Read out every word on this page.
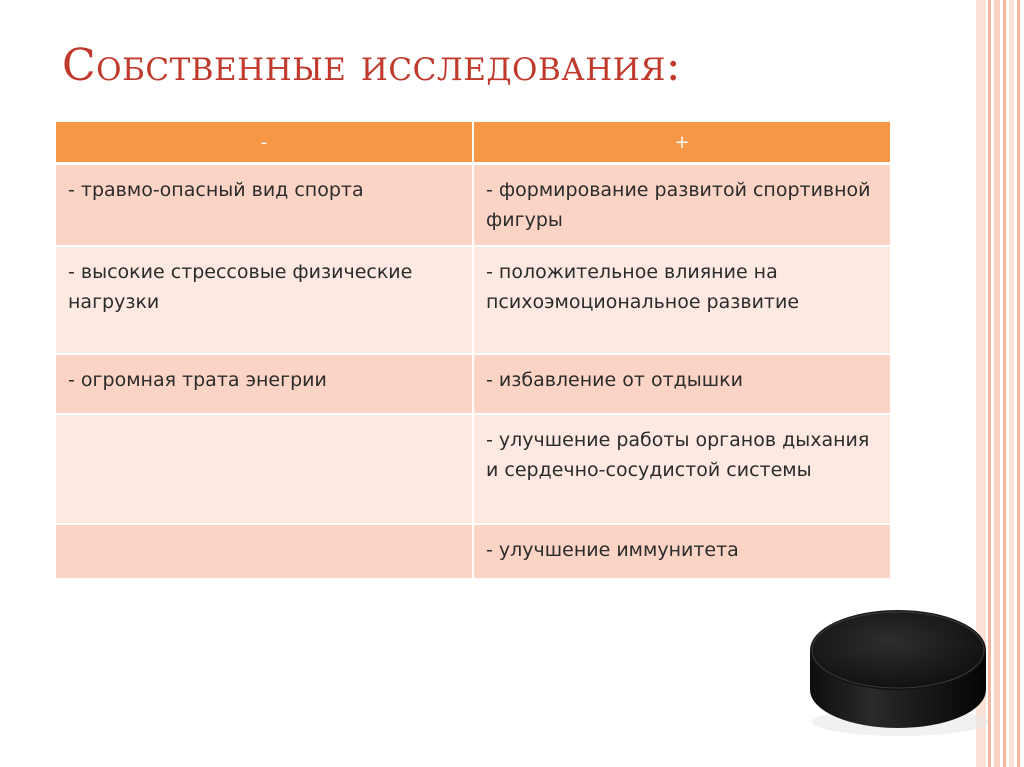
Собственные исследования:
-	+
- травмо-опасный вид спорта	- формирование развитой спортивной фигуры
- высокие стрессовые физические нагрузки	- положительное влияние на психоэмоциональное развитие
- огромная трата энегрии	- избавление от отдышки
	- улучшение работы органов дыхания и сердечно-сосудистой системы
	- улучшение иммунитета
